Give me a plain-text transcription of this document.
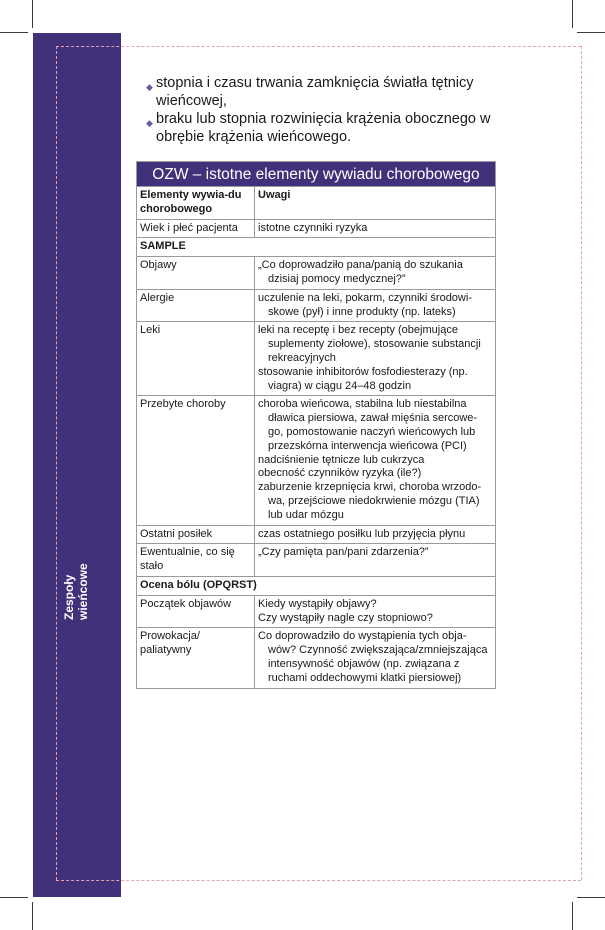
Zespoły
wieńcowe
126

◆ stopnia i czasu trwania zamknięcia światła tętnicy wieńcowej,

◆ braku lub stopnia rozwinięcia krążenia obocznego w obrębie krążenia wieńcowego.

OZW – istotne elementy wywiadu chorobowego	
Elementy wywia-du chorobowego	Uwagi
Wiek i płeć pacjenta	istotne czynniki ryzyka

SAMPLE	
Objawy	„Co doprowadziło pana/panią do szukania dzisiaj pomocy medycznej?”

Alergie	uczulenie na leki, pokarm, czynniki środowi-skowe (pył) i inne produkty (np. lateks)

Leki	leki na receptę i bez recepty (obejmujące suplementy ziołowe), stosowanie substancji rekreacyjnych
stosowanie inhibitorów fosfodiesterazy (np. viagra) w ciągu 24–48 godzin

Przebyte choroby	choroba wieńcowa, stabilna lub niestabilna dławica piersiowa, zawał mięśnia sercowe-go, pomostowanie naczyń wieńcowych lub przezskórna interwencja wieńcowa (PCI)
nadciśnienie tętnicze lub cukrzyca
obecność czynników ryzyka (ile?)
zaburzenie krzepnięcia krwi, choroba wrzodo-wa, przejściowe niedokrwienie mózgu (TIA) lub udar mózgu

Ostatni posiłek	czas ostatniego posiłku lub przyjęcia płynu

Ewentualnie, co się stało	„Czy pamięta pan/pani zdarzenia?”

Ocena bólu (OPQRST)	
Początek objawów	Kiedy wystąpiły objawy?
Czy wystąpiły nagle czy stopniowo?

Prowokacja/ paliatywny	Co doprowadziło do wystąpienia tych obja-wów? Czynność zwiększająca/zmniejszająca intensywność objawów (np. związana z ruchami oddechowymi klatki piersiowej)
